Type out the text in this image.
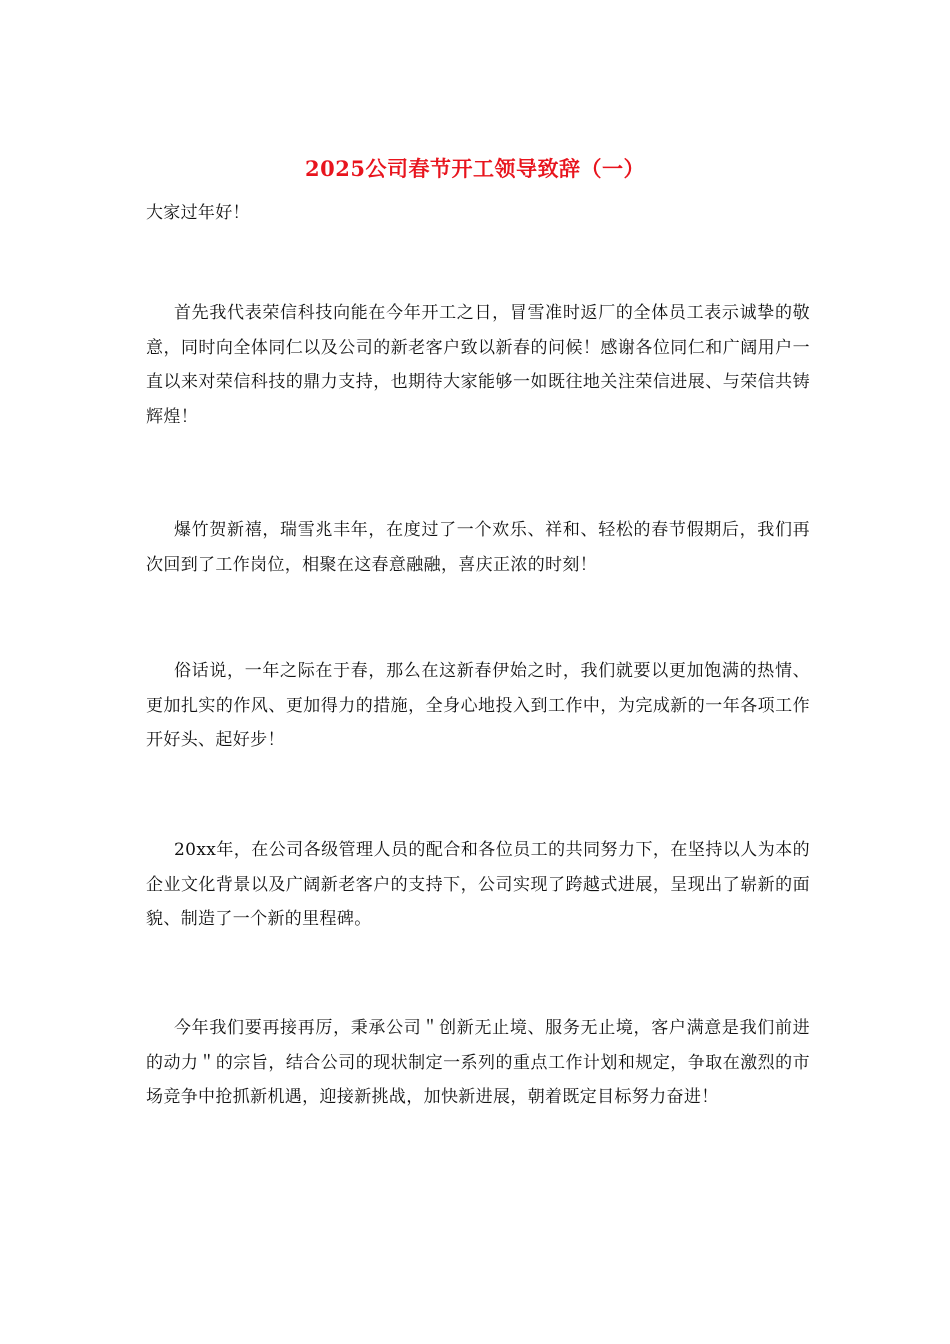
2025公司春节开工领导致辞（一）
大家过年好！
首先我代表荣信科技向能在今年开工之日，冒雪准时返厂的全体员工表示诚挚的敬意，同时向全体同仁以及公司的新老客户致以新春的问候！感谢各位同仁和广阔用户一直以来对荣信科技的鼎力支持，也期待大家能够一如既往地关注荣信进展、与荣信共铸辉煌！
爆竹贺新禧，瑞雪兆丰年，在度过了一个欢乐、祥和、轻松的春节假期后，我们再次回到了工作岗位，相聚在这春意融融，喜庆正浓的时刻！
俗话说，一年之际在于春，那么在这新春伊始之时，我们就要以更加饱满的热情、更加扎实的作风、更加得力的措施，全身心地投入到工作中，为完成新的一年各项工作开好头、起好步！
20xx年，在公司各级管理人员的配合和各位员工的共同努力下，在坚持以人为本的企业文化背景以及广阔新老客户的支持下，公司实现了跨越式进展，呈现出了崭新的面貌、制造了一个新的里程碑。
今年我们要再接再厉，秉承公司＂创新无止境、服务无止境，客户满意是我们前进的动力＂的宗旨，结合公司的现状制定一系列的重点工作计划和规定，争取在激烈的市场竞争中抢抓新机遇，迎接新挑战，加快新进展，朝着既定目标努力奋进！
